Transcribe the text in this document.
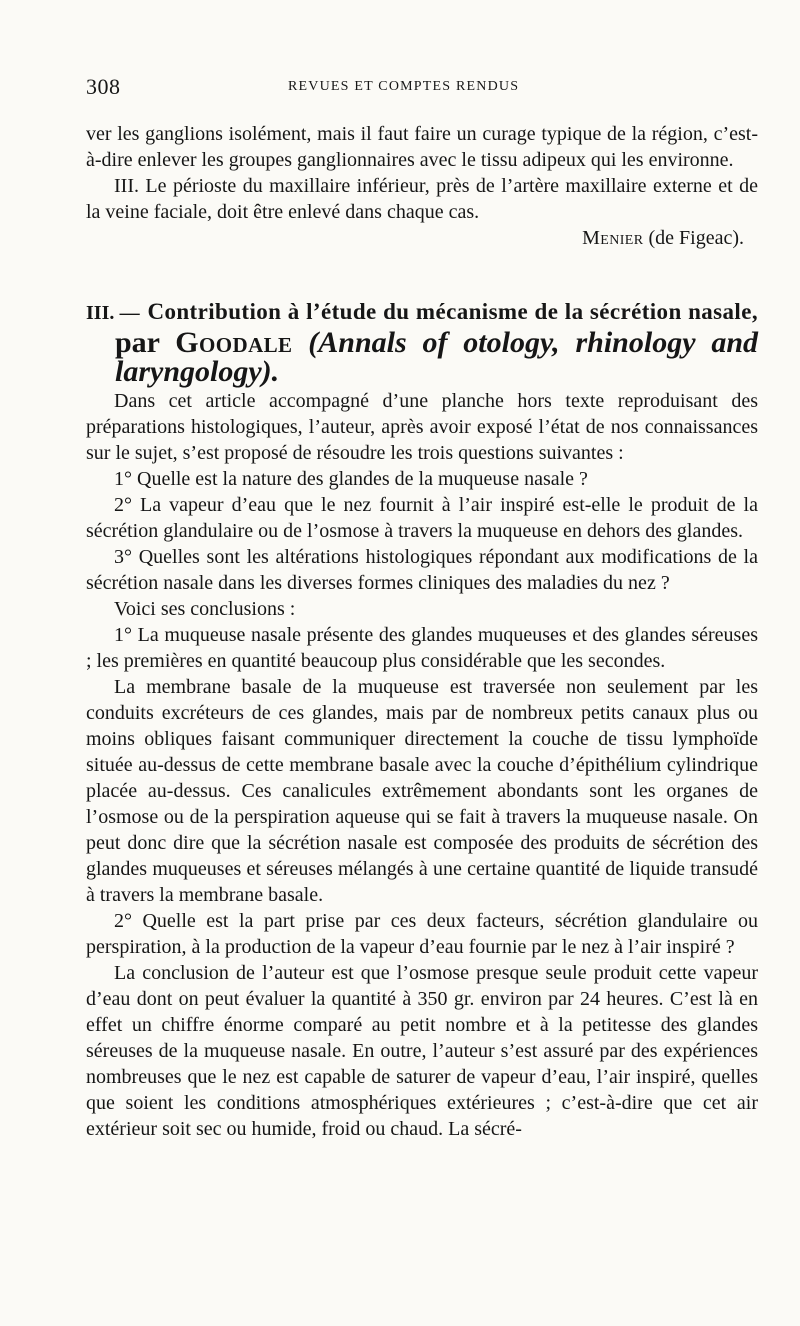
308	REVUES ET COMPTES RENDUS

ver les ganglions isolément, mais il faut faire un curage typique de la région, c’est-à-dire enlever les groupes ganglionnaires avec le tissu adipeux qui les environne.

III. Le périoste du maxillaire inférieur, près de l’artère maxillaire externe et de la veine faciale, doit être enlevé dans chaque cas.

Menier (de Figeac).

III. — Contribution à l’étude du mécanisme de la sécrétion nasale, par Goodale (Annals of otology, rhinology and laryngology).

Dans cet article accompagné d’une planche hors texte reproduisant des préparations histologiques, l’auteur, après avoir exposé l’état de nos connaissances sur le sujet, s’est proposé de résoudre les trois questions suivantes :

1° Quelle est la nature des glandes de la muqueuse nasale ?

2° La vapeur d’eau que le nez fournit à l’air inspiré est-elle le produit de la sécrétion glandulaire ou de l’osmose à travers la muqueuse en dehors des glandes.

3° Quelles sont les altérations histologiques répondant aux modifications de la sécrétion nasale dans les diverses formes cliniques des maladies du nez ?

Voici ses conclusions :

1° La muqueuse nasale présente des glandes muqueuses et des glandes séreuses ; les premières en quantité beaucoup plus considérable que les secondes.

La membrane basale de la muqueuse est traversée non seulement par les conduits excréteurs de ces glandes, mais par de nombreux petits canaux plus ou moins obliques faisant communiquer directement la couche de tissu lymphoïde située au-dessus de cette membrane basale avec la couche d’épithélium cylindrique placée au-dessus. Ces canalicules extrêmement abondants sont les organes de l’osmose ou de la perspiration aqueuse qui se fait à travers la muqueuse nasale. On peut donc dire que la sécrétion nasale est composée des produits de sécrétion des glandes muqueuses et séreuses mélangés à une certaine quantité de liquide transudé à travers la membrane basale.

2° Quelle est la part prise par ces deux facteurs, sécrétion glandulaire ou perspiration, à la production de la vapeur d’eau fournie par le nez à l’air inspiré ?

La conclusion de l’auteur est que l’osmose presque seule produit cette vapeur d’eau dont on peut évaluer la quantité à 350 gr. environ par 24 heures. C’est là en effet un chiffre énorme comparé au petit nombre et à la petitesse des glandes séreuses de la muqueuse nasale. En outre, l’auteur s’est assuré par des expériences nombreuses que le nez est capable de saturer de vapeur d’eau, l’air inspiré, quelles que soient les conditions atmosphériques extérieures ; c’est-à-dire que cet air extérieur soit sec ou humide, froid ou chaud. La sécré-
